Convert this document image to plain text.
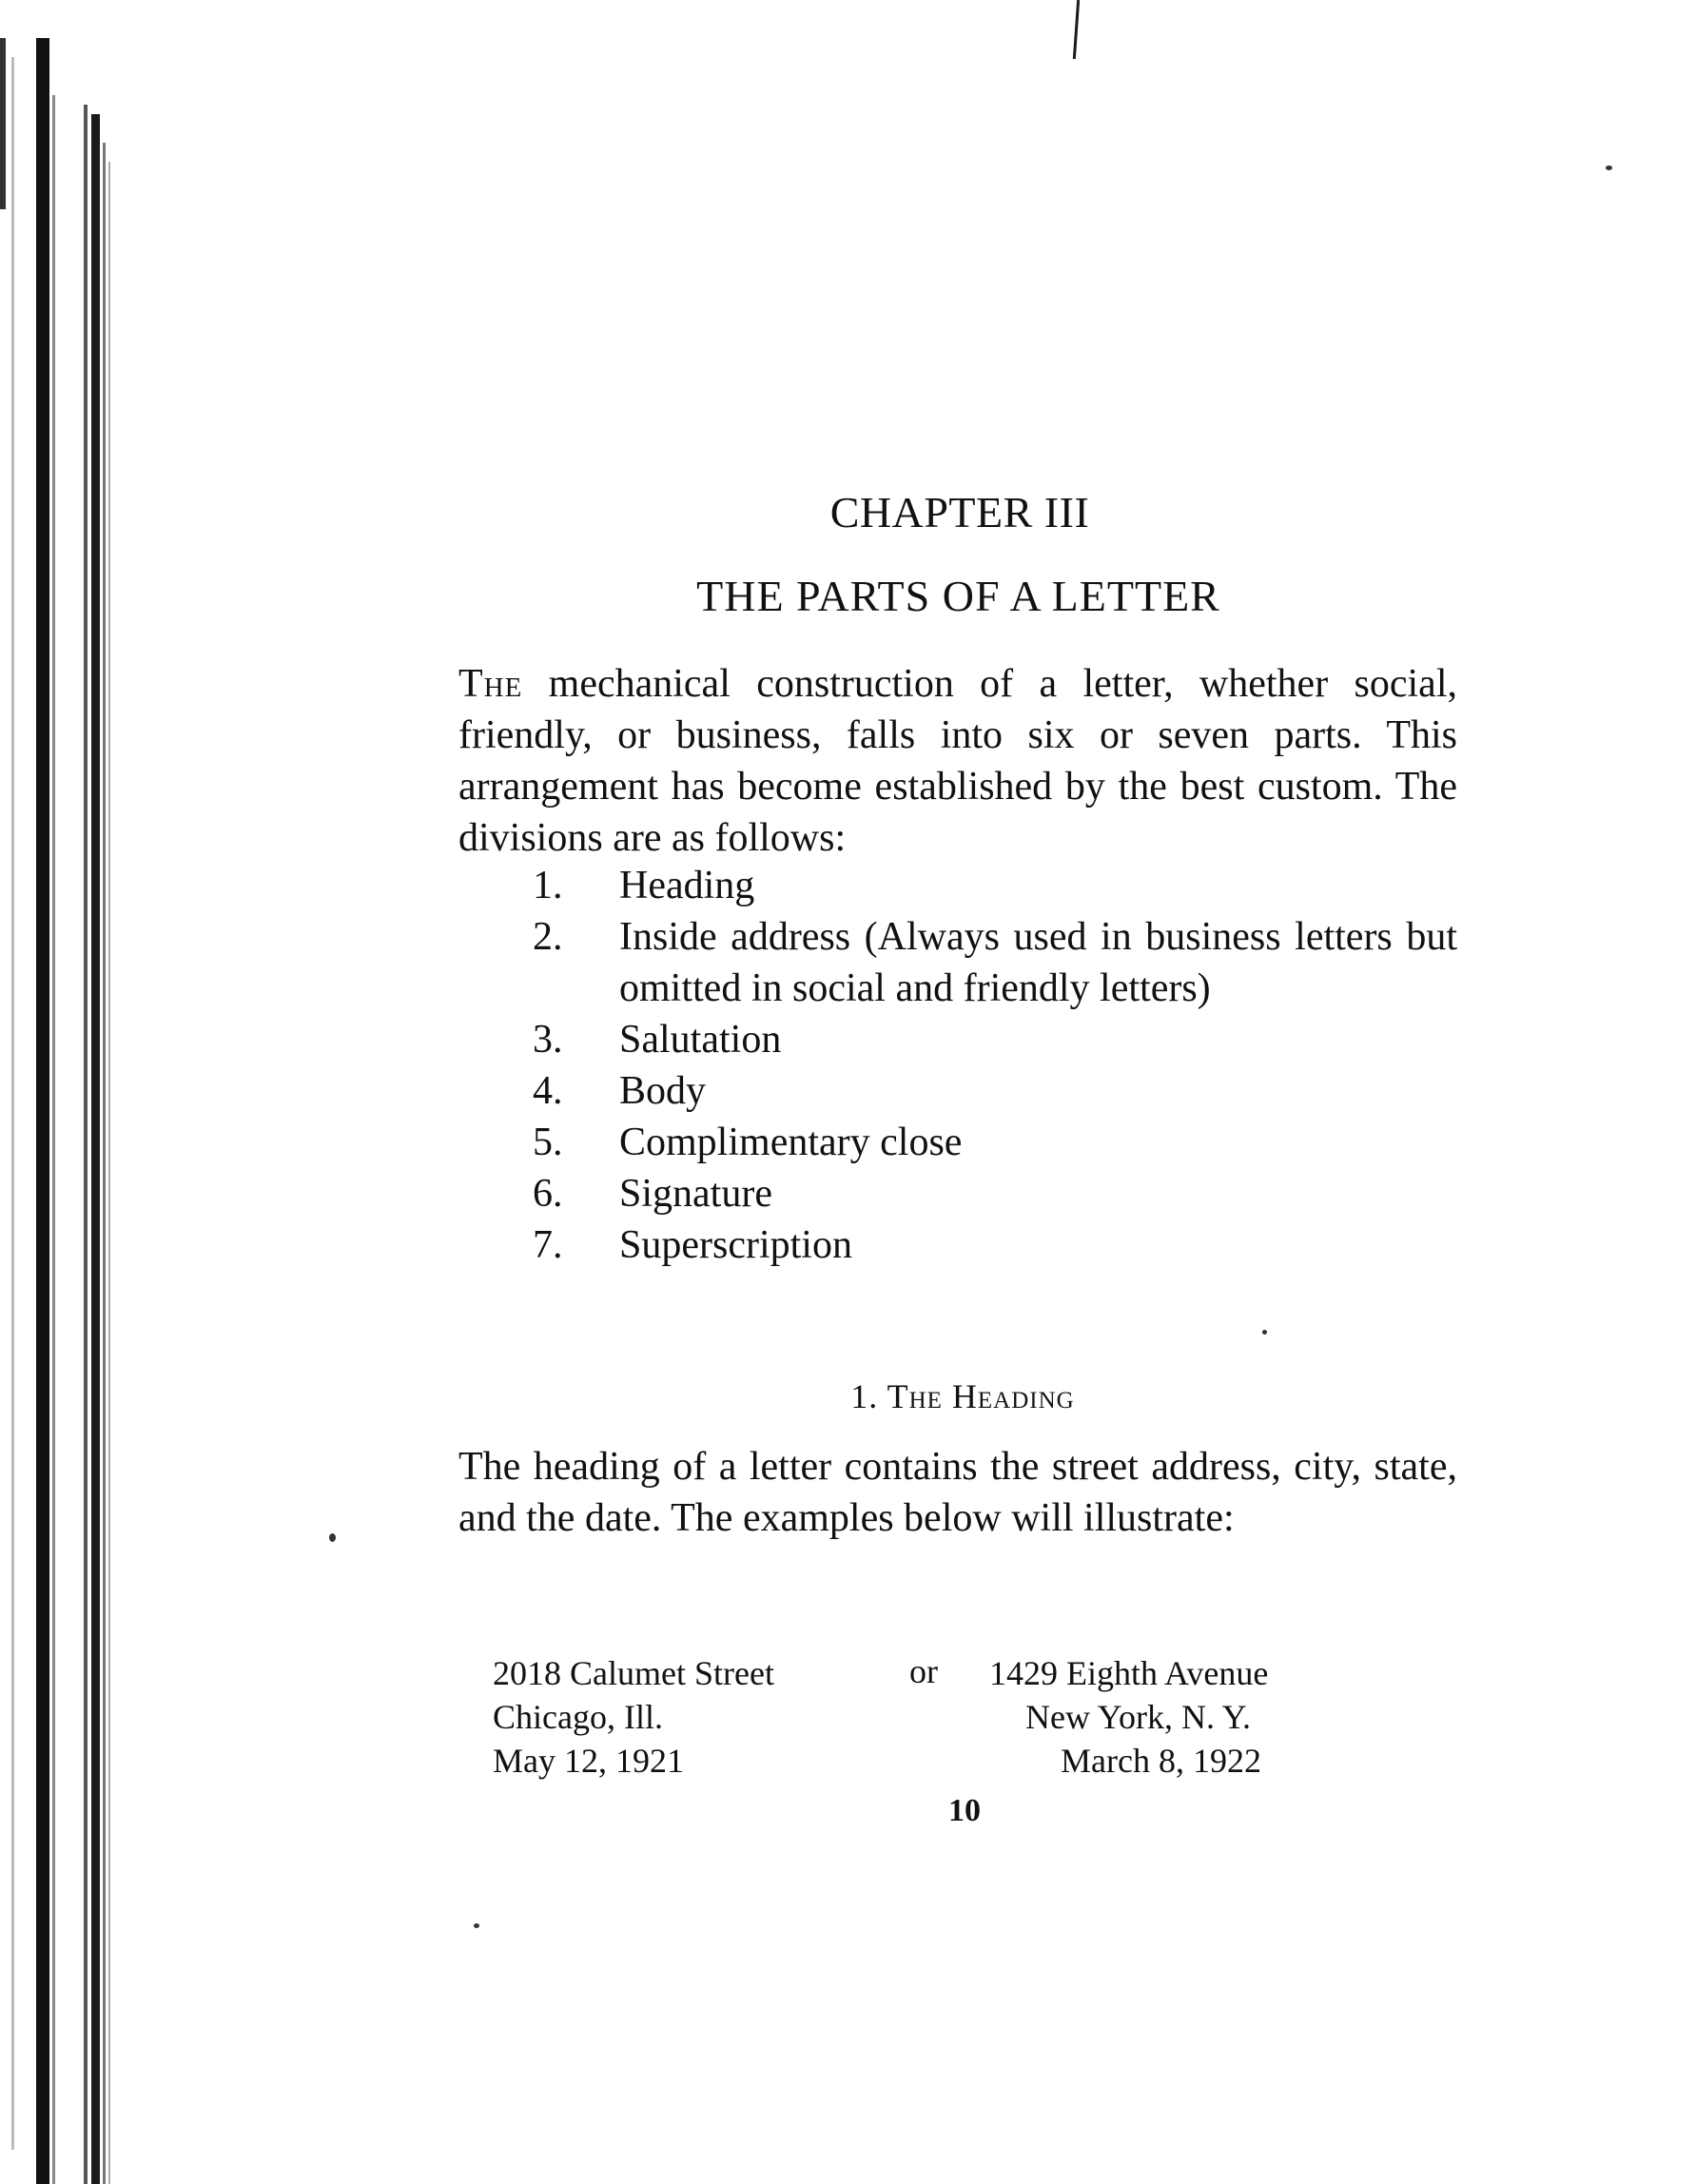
CHAPTER III
THE PARTS OF A LETTER

The mechanical construction of a letter, whether social, friendly, or business, falls into six or seven parts. This arrangement has become established by the best custom. The divisions are as follows:

1.	Heading
2.	Inside address (Always used in business letters but omitted in social and friendly letters)
3.	Salutation
4.	Body
5.	Complimentary close
6.	Signature
7.	Superscription
1. The Heading

The heading of a letter contains the street address, city, state, and the date. The examples below will illustrate:

2018 Calumet Street
Chicago, Ill.
May 12, 1921
or 1429 Eighth Avenue
New York, N. Y.
March 8, 1922
10
